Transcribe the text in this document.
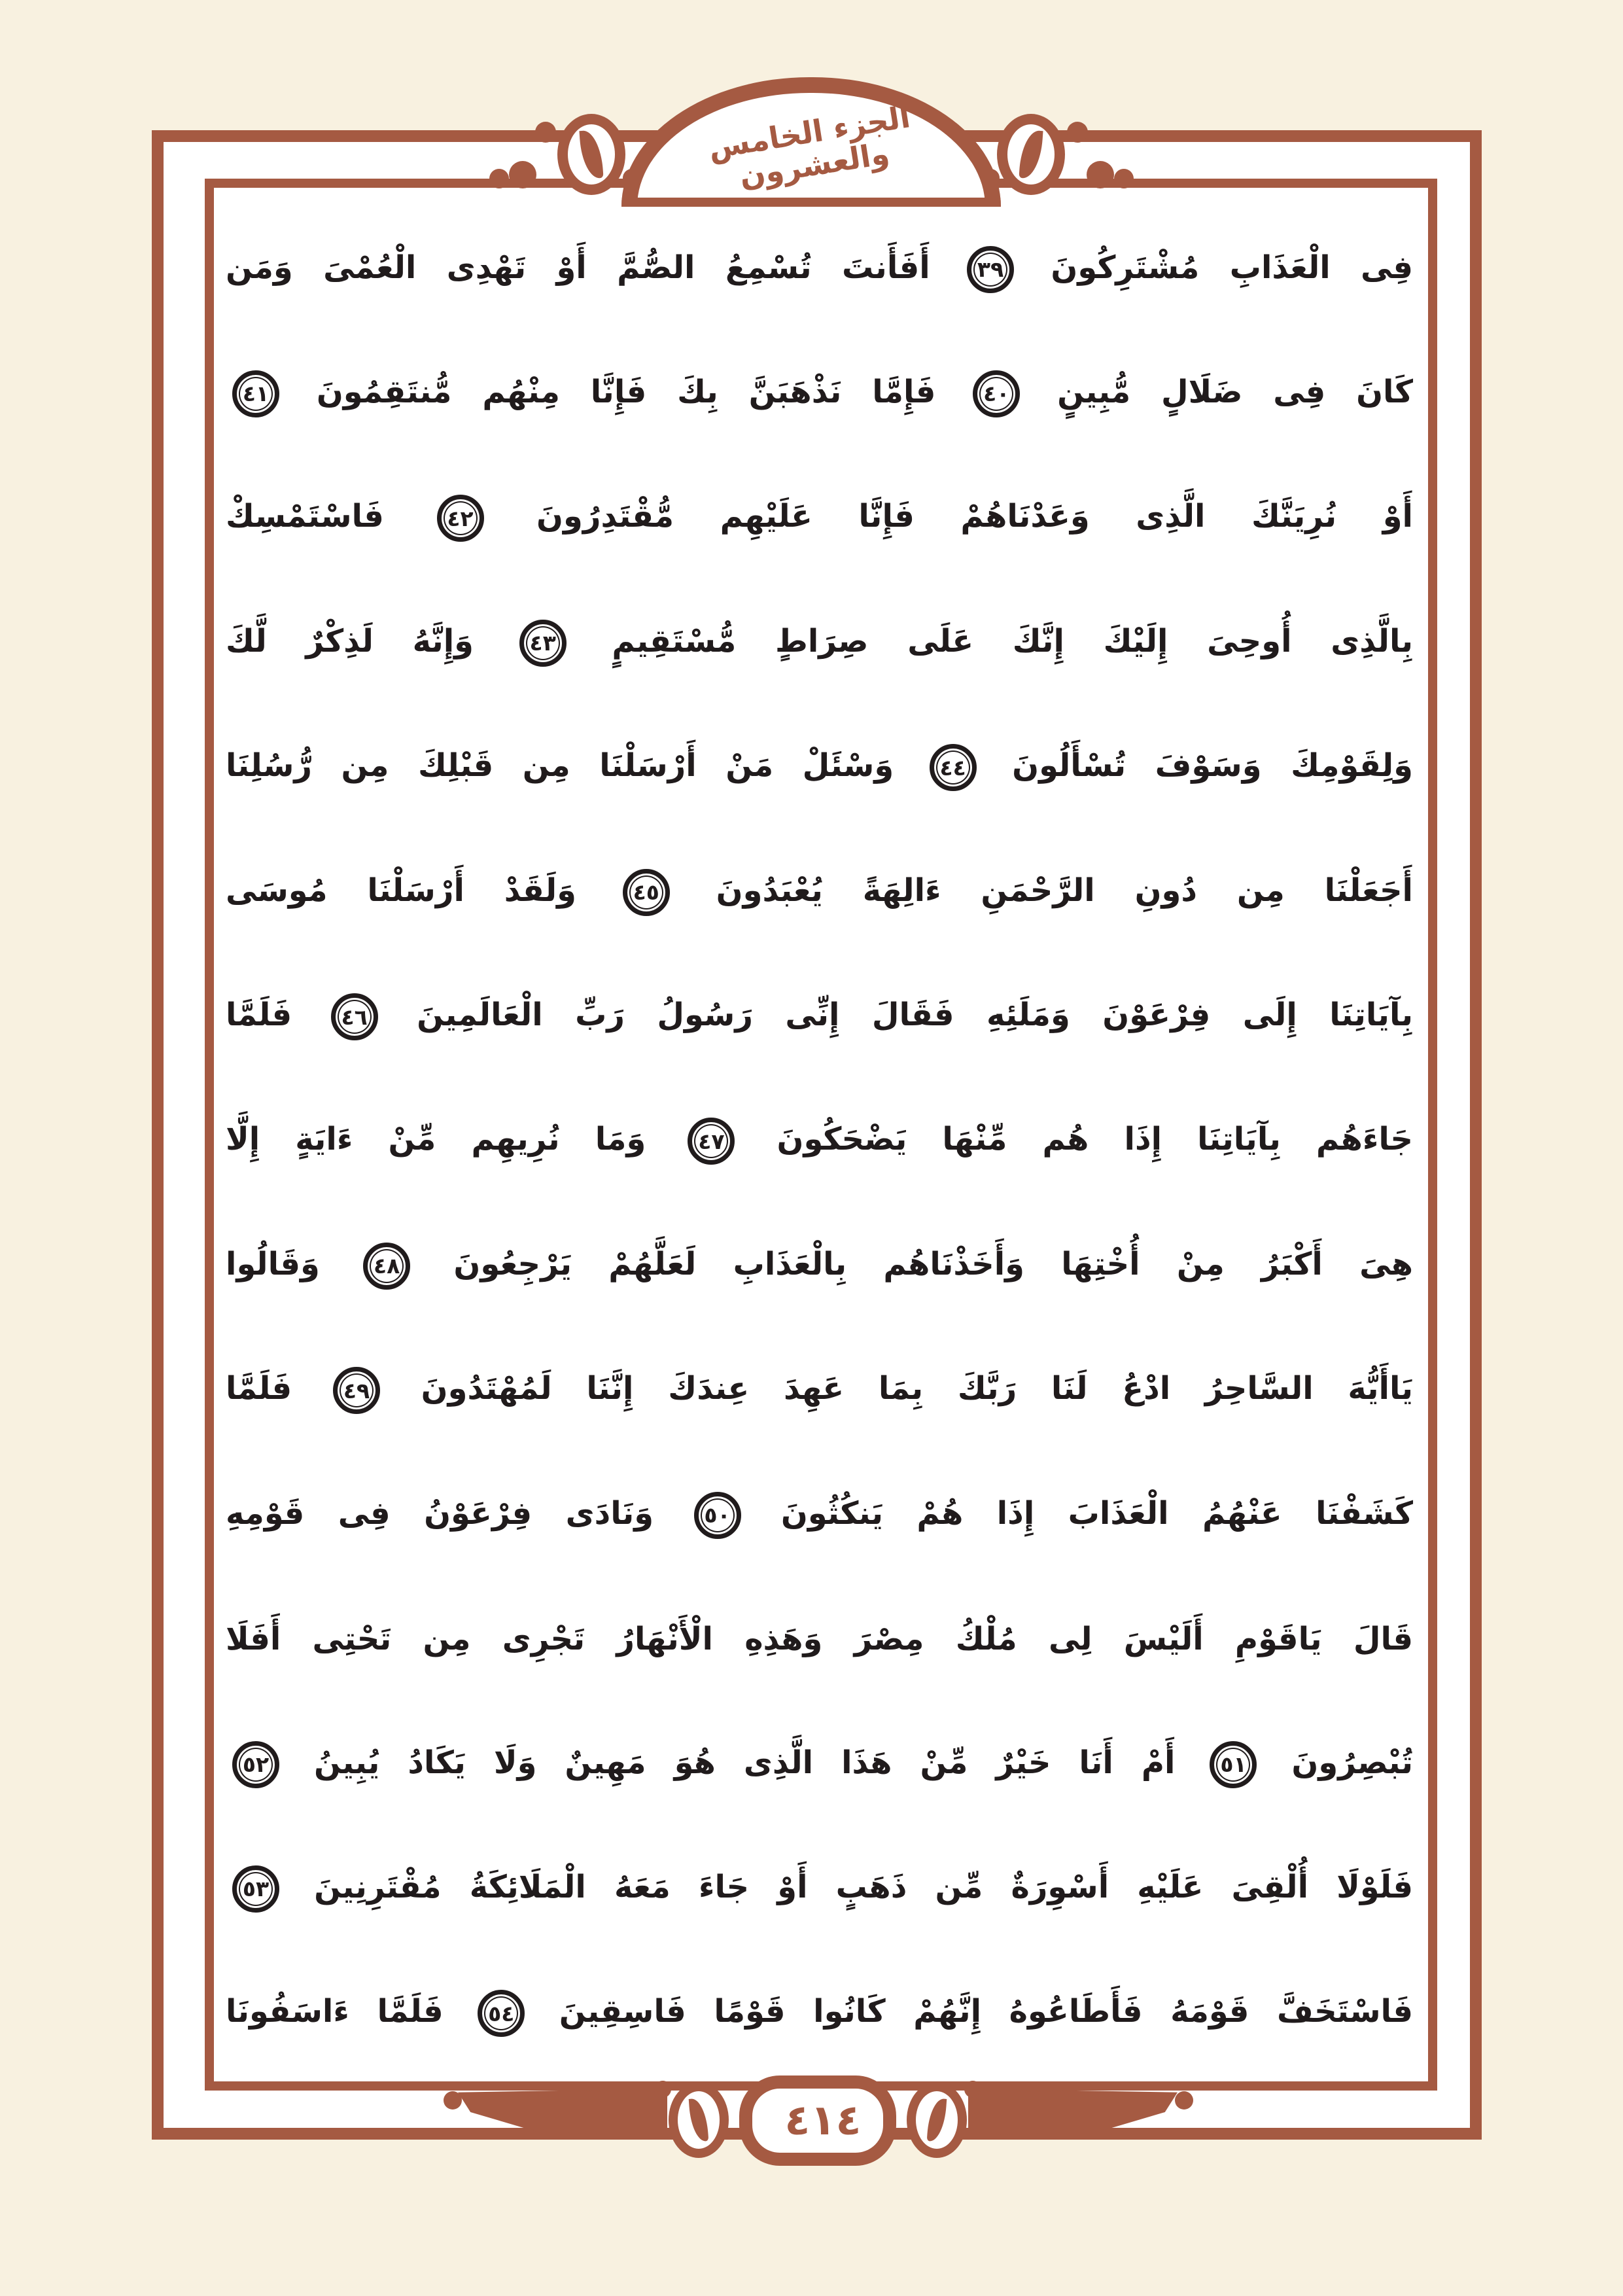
الجزء الخامس والعشرون

فِى الْعَذَابِ مُشْتَرِكُونَ
٣٩
أَفَأَنتَ تُسْمِعُ الصُّمَّ أَوْ تَهْدِى الْعُمْىَ وَمَن

كَانَ فِى ضَلَالٍ مُّبِينٍ
٤٠
فَإِمَّا نَذْهَبَنَّ بِكَ فَإِنَّا مِنْهُم مُّنتَقِمُونَ
٤١

أَوْ نُرِيَنَّكَ الَّذِى وَعَدْنَاهُمْ فَإِنَّا عَلَيْهِم مُّقْتَدِرُونَ
٤٢
فَاسْتَمْسِكْ

بِالَّذِى أُوحِىَ إِلَيْكَ إِنَّكَ عَلَى صِرَاطٍ مُّسْتَقِيمٍ
٤٣
وَإِنَّهُ لَذِكْرٌ لَّكَ

وَلِقَوْمِكَ وَسَوْفَ تُسْأَلُونَ
٤٤
وَسْئَلْ مَنْ أَرْسَلْنَا مِن قَبْلِكَ مِن رُّسُلِنَا

أَجَعَلْنَا مِن دُونِ الرَّحْمَنِ ءَالِهَةً يُعْبَدُونَ
٤٥
وَلَقَدْ أَرْسَلْنَا مُوسَى

بِآيَاتِنَا إِلَى فِرْعَوْنَ وَمَلَئِهِ فَقَالَ إِنِّى رَسُولُ رَبِّ الْعَالَمِينَ
٤٦
فَلَمَّا

جَاءَهُم بِآيَاتِنَا إِذَا هُم مِّنْهَا يَضْحَكُونَ
٤٧
وَمَا نُرِيهِم مِّنْ ءَايَةٍ إِلَّا

هِىَ أَكْبَرُ مِنْ أُخْتِهَا وَأَخَذْنَاهُم بِالْعَذَابِ لَعَلَّهُمْ يَرْجِعُونَ
٤٨
وَقَالُوا

يَاأَيُّهَ السَّاحِرُ ادْعُ لَنَا رَبَّكَ بِمَا عَهِدَ عِندَكَ إِنَّنَا لَمُهْتَدُونَ
٤٩
فَلَمَّا

كَشَفْنَا عَنْهُمُ الْعَذَابَ إِذَا هُمْ يَنكُثُونَ
٥٠
وَنَادَى فِرْعَوْنُ فِى قَوْمِهِ

قَالَ يَاقَوْمِ أَلَيْسَ لِى مُلْكُ مِصْرَ وَهَذِهِ الْأَنْهَارُ تَجْرِى مِن تَحْتِى أَفَلَا

تُبْصِرُونَ
٥١
أَمْ أَنَا خَيْرٌ مِّنْ هَذَا الَّذِى هُوَ مَهِينٌ وَلَا يَكَادُ يُبِينُ
٥٢

فَلَوْلَا أُلْقِىَ عَلَيْهِ أَسْوِرَةٌ مِّن ذَهَبٍ أَوْ جَاءَ مَعَهُ الْمَلَائِكَةُ مُقْتَرِنِينَ
٥٣

فَاسْتَخَفَّ قَوْمَهُ فَأَطَاعُوهُ إِنَّهُمْ كَانُوا قَوْمًا فَاسِقِينَ
٥٤
فَلَمَّا ءَاسَفُونَا

٤١٤
